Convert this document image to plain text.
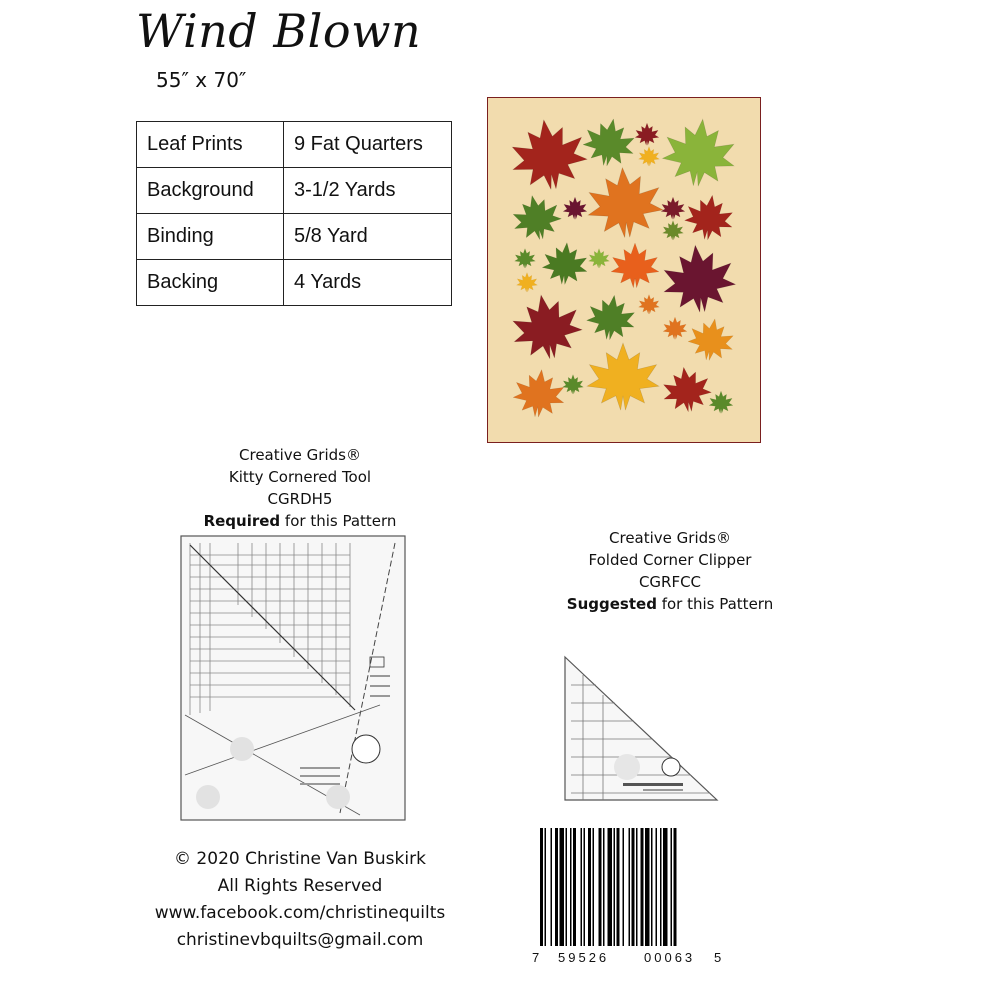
Wind Blown
55″ x 70″
Leaf Prints	9 Fat Quarters
Background	3-1/2 Yards
Binding	5/8 Yard
Backing	4 Yards
Creative Grids®
Kitty Cornered Tool
CGRDH5
Required for this Pattern
Creative Grids®
Folded Corner Clipper
CGRFCC
Suggested for this Pattern
© 2020 Christine Van Buskirk
All Rights Reserved
www.facebook.com/christinequilts
christinevbquilts@gmail.com
7 59526	00063 5
